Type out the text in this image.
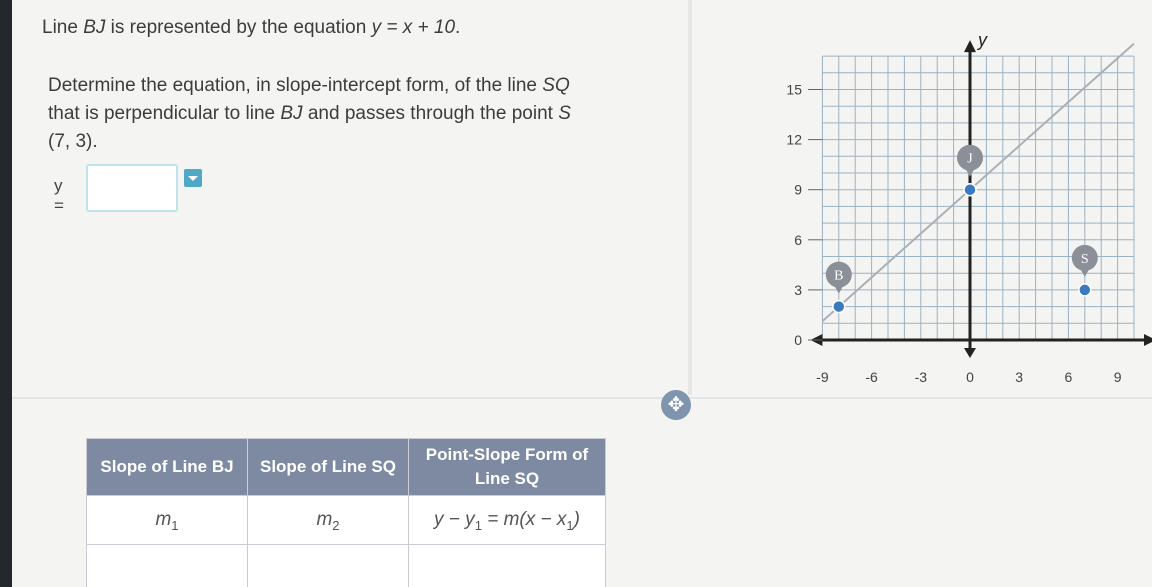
Line BJ is represented by the equation y = x + 10.
Determine the equation, in slope-intercept form, of the line SQ
that is perpendicular to line BJ and passes through the point S
(7, 3).
y =
y
-9	-6	-3	0	3	6	9
0
3
6
9
12
15
B
J
S
✥
Slope of Line BJ	Slope of Line SQ	Point-Slope Form of Line SQ

$m_1$	$m_2$	$y - y_1 = m(x - x_1)$
